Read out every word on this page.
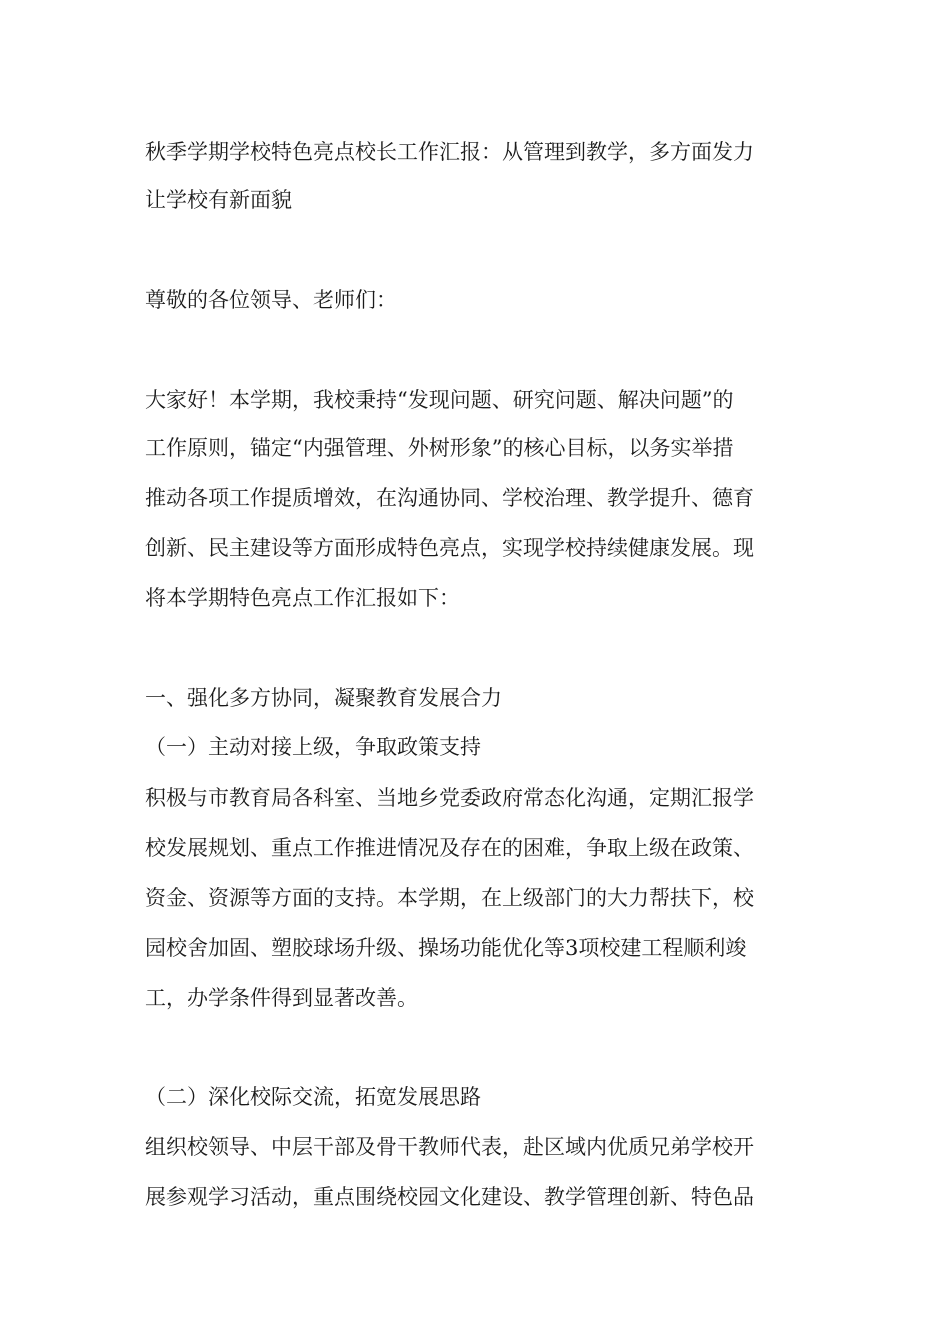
秋季学期学校特色亮点校长工作汇报：从管理到教学，多方面发力
让学校有新面貌
尊敬的各位领导、老师们：
大家好！本学期，我校秉持“发现问题、研究问题、解决问题”的
工作原则，锚定“内强管理、外树形象”的核心目标，以务实举措
推动各项工作提质增效，在沟通协同、学校治理、教学提升、德育
创新、民主建设等方面形成特色亮点，实现学校持续健康发展。现
将本学期特色亮点工作汇报如下：
一、强化多方协同，凝聚教育发展合力
（一）主动对接上级，争取政策支持
积极与市教育局各科室、当地乡党委政府常态化沟通，定期汇报学
校发展规划、重点工作推进情况及存在的困难，争取上级在政策、
资金、资源等方面的支持。本学期，在上级部门的大力帮扶下，校
园校舍加固、塑胶球场升级、操场功能优化等3项校建工程顺利竣
工，办学条件得到显著改善。
（二）深化校际交流，拓宽发展思路
组织校领导、中层干部及骨干教师代表，赴区域内优质兄弟学校开
展参观学习活动，重点围绕校园文化建设、教学管理创新、特色品
